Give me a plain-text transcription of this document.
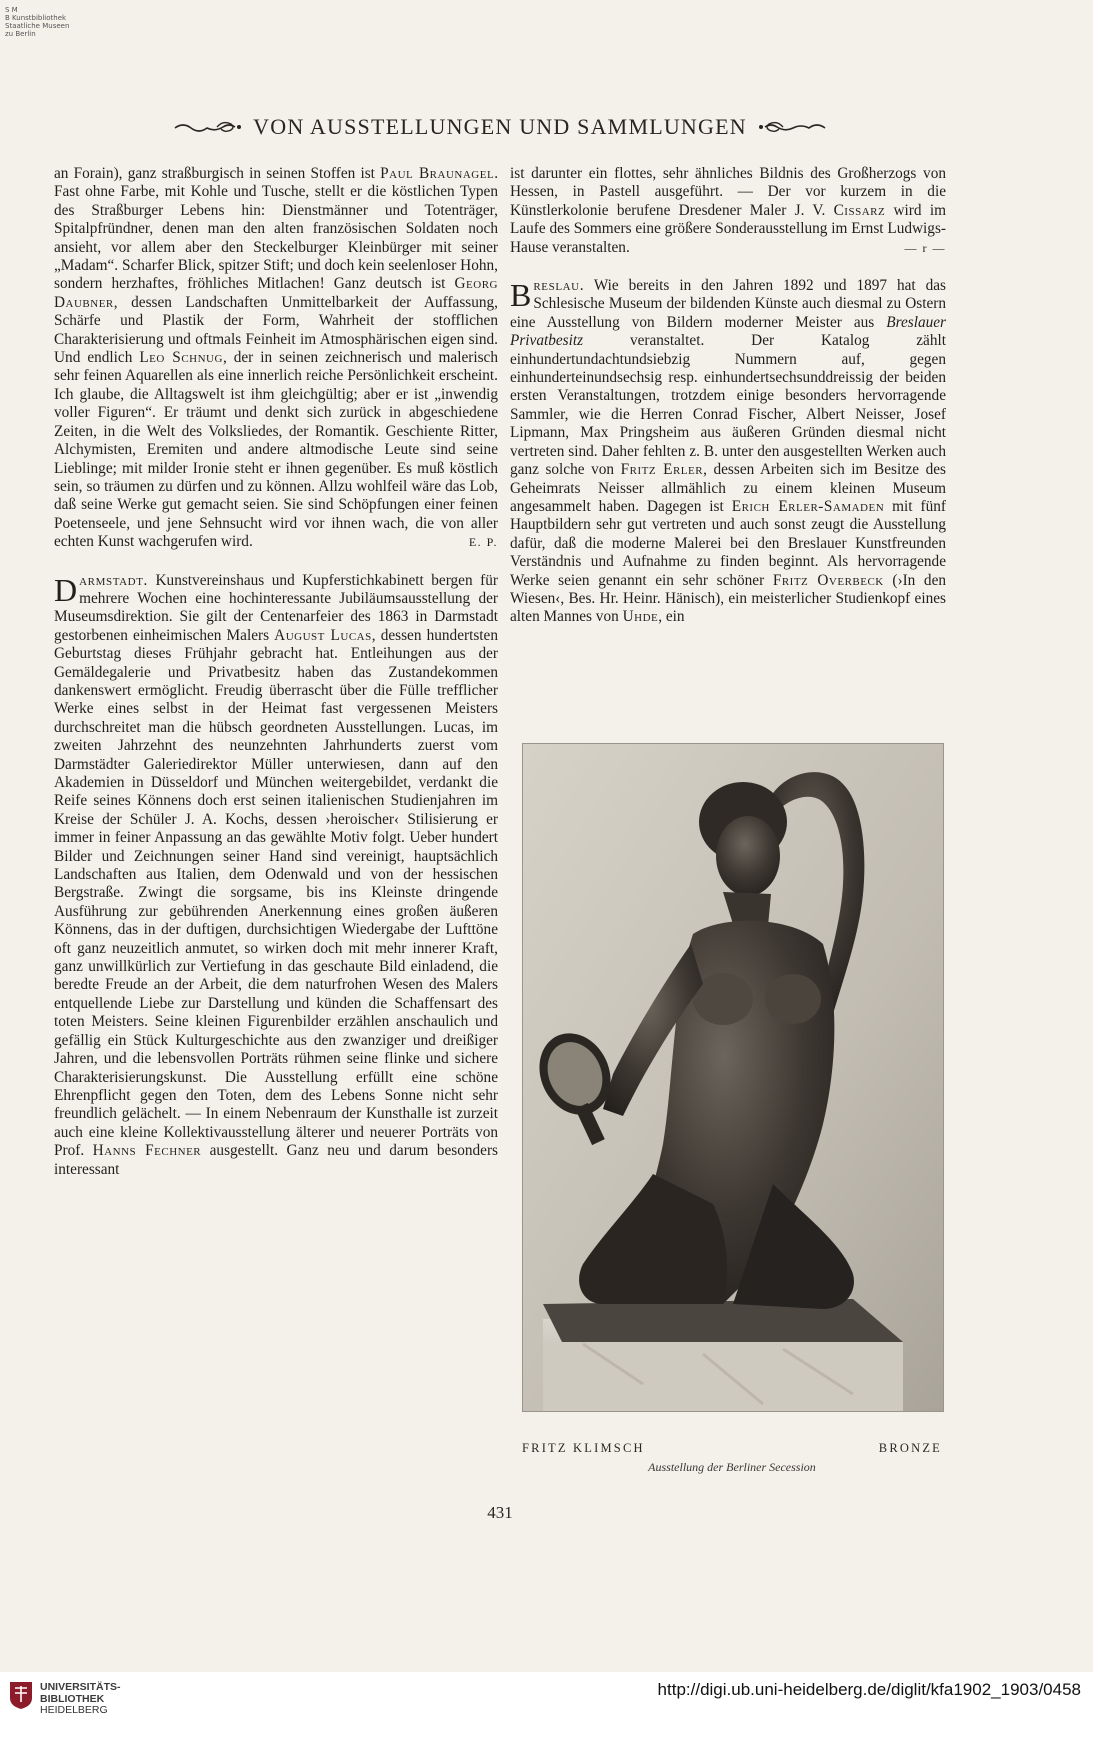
S M
B Kunstbibliothek
Staatliche Museen
zu Berlin
VON AUSSTELLUNGEN UND SAMMLUNGEN

an Forain), ganz straßburgisch in seinen Stoffen ist Paul Braunagel. Fast ohne Farbe, mit Kohle und Tusche, stellt er die köstlichen Typen des Straßburger Lebens hin: Dienstmänner und Totenträger, Spitalpfründner, denen man den alten französischen Soldaten noch ansieht, vor allem aber den Steckelburger Kleinbürger mit seiner „Madam“. Scharfer Blick, spitzer Stift; und doch kein seelenloser Hohn, sondern herzhaftes, fröhliches Mitlachen! Ganz deutsch ist Georg Daubner, dessen Landschaften Unmittelbarkeit der Auffassung, Schärfe und Plastik der Form, Wahrheit der stofflichen Charakterisierung und oftmals Feinheit im Atmosphärischen eigen sind. Und endlich Leo Schnug, der in seinen zeichnerisch und malerisch sehr feinen Aquarellen als eine innerlich reiche Persönlichkeit erscheint. Ich glaube, die Alltagswelt ist ihm gleichgültig; aber er ist „inwendig voller Figuren“. Er träumt und denkt sich zurück in abgeschiedene Zeiten, in die Welt des Volksliedes, der Romantik. Geschiente Ritter, Alchymisten, Eremiten und andere altmodische Leute sind seine Lieblinge; mit milder Ironie steht er ihnen gegenüber. Es muß köstlich sein, so träumen zu dürfen und zu können. Allzu wohlfeil wäre das Lob, daß seine Werke gut gemacht seien. Sie sind Schöpfungen einer feinen Poetenseele, und jene Sehnsucht wird vor ihnen wach, die von aller echten Kunst wachgerufen wird.	E. P.

Darmstadt. Kunstvereinshaus und Kupferstichkabinett bergen für mehrere Wochen eine hochinteressante Jubiläumsausstellung der Museumsdirektion. Sie gilt der Centenarfeier des 1863 in Darmstadt gestorbenen einheimischen Malers August Lucas, dessen hundertsten Geburtstag dieses Frühjahr gebracht hat. Entleihungen aus der Gemäldegalerie und Privatbesitz haben das Zustandekommen dankenswert ermöglicht. Freudig überrascht über die Fülle trefflicher Werke eines selbst in der Heimat fast vergessenen Meisters durchschreitet man die hübsch geordneten Ausstellungen. Lucas, im zweiten Jahrzehnt des neunzehnten Jahrhunderts zuerst vom Darmstädter Galeriedirektor Müller unterwiesen, dann auf den Akademien in Düsseldorf und München weitergebildet, verdankt die Reife seines Könnens doch erst seinen italienischen Studienjahren im Kreise der Schüler J. A. Kochs, dessen ›heroischer‹ Stilisierung er immer in feiner Anpassung an das gewählte Motiv folgt. Ueber hundert Bilder und Zeichnungen seiner Hand sind vereinigt, hauptsächlich Landschaften aus Italien, dem Odenwald und von der hessischen Bergstraße. Zwingt die sorgsame, bis ins Kleinste dringende Ausführung zur gebührenden Anerkennung eines großen äußeren Könnens, das in der duftigen, durchsichtigen Wiedergabe der Lufttöne oft ganz neuzeitlich anmutet, so wirken doch mit mehr innerer Kraft, ganz unwillkürlich zur Vertiefung in das geschaute Bild einladend, die beredte Freude an der Arbeit, die dem naturfrohen Wesen des Malers entquellende Liebe zur Darstellung und künden die Schaffensart des toten Meisters. Seine kleinen Figurenbilder erzählen anschaulich und gefällig ein Stück Kulturgeschichte aus den zwanziger und dreißiger Jahren, und die lebensvollen Porträts rühmen seine flinke und sichere Charakterisierungskunst. Die Ausstellung erfüllt eine schöne Ehrenpflicht gegen den Toten, dem des Lebens Sonne nicht sehr freundlich gelächelt. — In einem Nebenraum der Kunsthalle ist zurzeit auch eine kleine Kollektivausstellung älterer und neuerer Porträts von Prof. Hanns Fechner ausgestellt. Ganz neu und darum besonders interessant

ist darunter ein flottes, sehr ähnliches Bildnis des Großherzogs von Hessen, in Pastell ausgeführt. — Der vor kurzem in die Künstlerkolonie berufene Dresdener Maler J. V. Cissarz wird im Laufe des Sommers eine größere Sonderausstellung im Ernst Ludwigs-Hause veranstalten.	— r —

Breslau. Wie bereits in den Jahren 1892 und 1897 hat das Schlesische Museum der bildenden Künste auch diesmal zu Ostern eine Ausstellung von Bildern moderner Meister aus Breslauer Privatbesitz veranstaltet. Der Katalog zählt einhundertundachtundsiebzig Nummern auf, gegen einhunderteinundsechsig resp. einhundertsechsunddreissig der beiden ersten Veranstaltungen, trotzdem einige besonders hervorragende Sammler, wie die Herren Conrad Fischer, Albert Neisser, Josef Lipmann, Max Pringsheim aus äußeren Gründen diesmal nicht vertreten sind. Daher fehlten z. B. unter den ausgestellten Werken auch ganz solche von Fritz Erler, dessen Arbeiten sich im Besitze des Geheimrats Neisser allmählich zu einem kleinen Museum angesammelt haben. Dagegen ist Erich Erler-Samaden mit fünf Hauptbildern sehr gut vertreten und auch sonst zeugt die Ausstellung dafür, daß die moderne Malerei bei den Breslauer Kunstfreunden Verständnis und Aufnahme zu finden beginnt. Als hervorragende Werke seien genannt ein sehr schöner Fritz Overbeck (›In den Wiesen‹, Bes. Hr. Heinr. Hänisch), ein meisterlicher Studienkopf eines alten Mannes von Uhde, ein

FRITZ KLIMSCH	BRONZE
Ausstellung der Berliner Secession
431
UNIVERSITÄTS-
BIBLIOTHEK
HEIDELBERG
http://digi.ub.uni-heidelberg.de/diglit/kfa1902_1903/0458
